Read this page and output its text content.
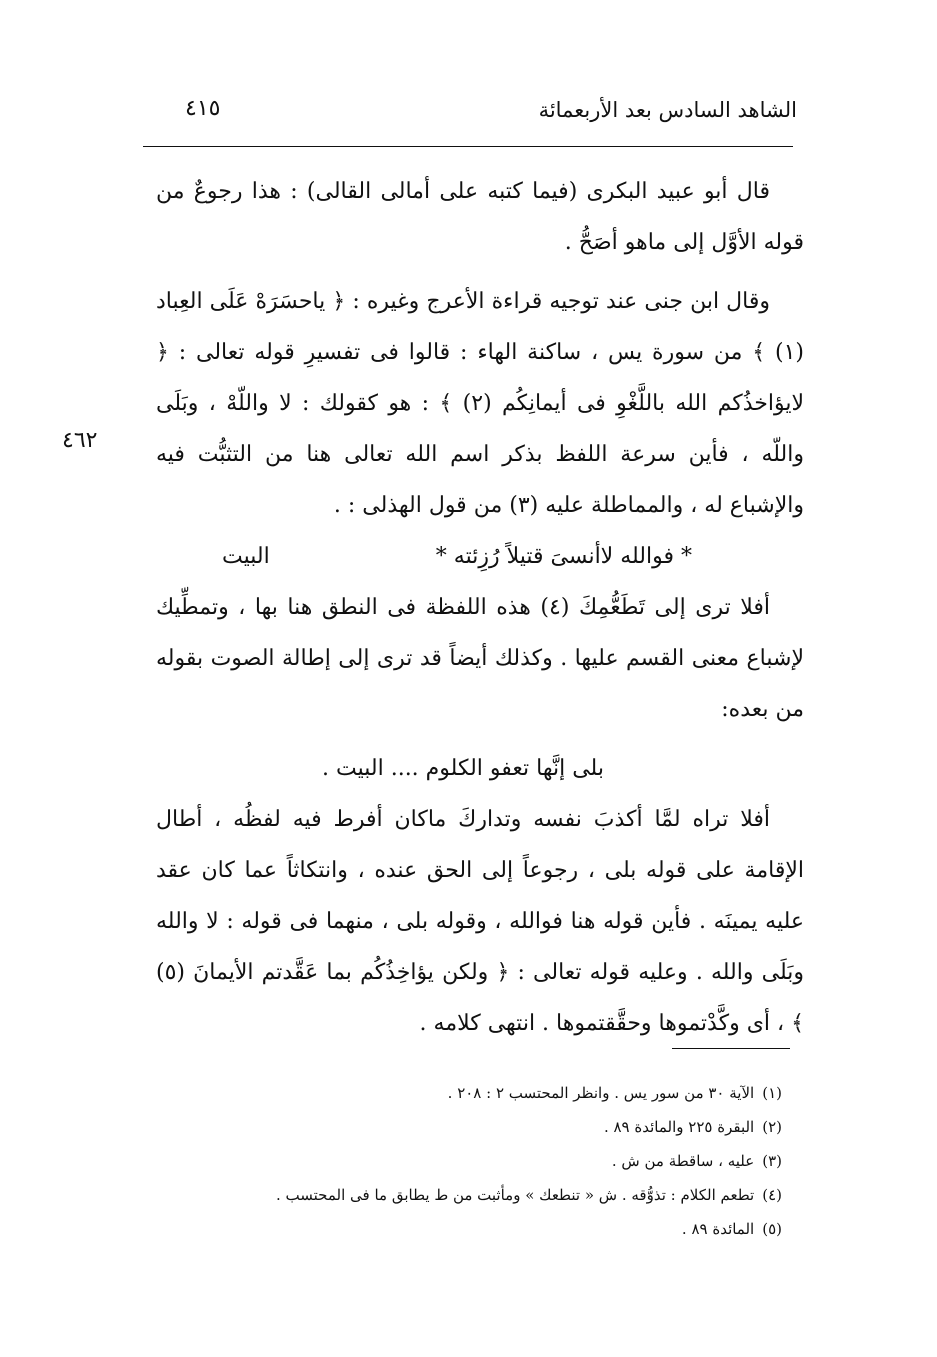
الشاهد السادس بعد الأربعمائة
٤١٥
٤٦٢

قال أبو عبيد البكرى (فيما كتبه على أمالى القالى) : هذا رجوعٌ من قوله الأوَّل إلى ماهو أصَحُّ .

وقال ابن جنى عند توجيه قراءة الأعرج وغيره : ﴿ ياحسَرَهْ عَلَى العِباد (١) ﴾ من سورة يس ، ساكنة الهاء : قالوا فى تفسيرِ قوله تعالى : ﴿ لايؤاخذُكم الله باللَّغْوِ فى أيمانِكُم (٢) ﴾ : هو كقولك : لا واللّهْ ، وبَلَى واللّه ، فأين سرعة اللفظ بذكر اسم الله تعالى هنا من التثبُّت فيه والإشباع له ، والمماطلة عليه (٣) من قول الهذلى : .

* فوالله لاأنسىَ قتيلاً رُزِئته *
البيت

أفلا ترى إلى تَطَعُّمِكَ (٤) هذه اللفظة فى النطق هنا بها ، وتمطِّيك لإشباع معنى القسم عليها . وكذلك أيضاً قد ترى إلى إطالة الصوت بقوله من بعده:

بلى إنَّها تعفو الكلوم .... البيت .

أفلا تراه لمَّا أكذبَ نفسه وتداركَ ماكان أفرط فيه لفظُه ، أطال الإقامة على قوله بلى ، رجوعاً إلى الحق عنده ، وانتكاثاً عما كان عقد عليه يمينَه . فأين قوله هنا فوالله ، وقوله بلى ، منهما فى قوله : لا والله وبَلَى والله . وعليه قوله تعالى : ﴿ ولكن يؤاخِذُكُم بما عَقَّدتم الأيمانَ (٥) ﴾ ، أى وكَّدْتموها وحقَّقتموها . انتهى كلامه .

(١)الآية ٣٠ من سور يس . وانظر المحتسب ٢ : ٢٠٨ .
(٢)البقرة ٢٢٥ والمائدة ٨٩ .
(٣)عليه ، ساقطة من ش .
(٤)تطعم الكلام : تذوُّقه . ش « تنطعك » ومأثبت من ط يطابق ما فى المحتسب .
(٥)المائدة ٨٩ .
